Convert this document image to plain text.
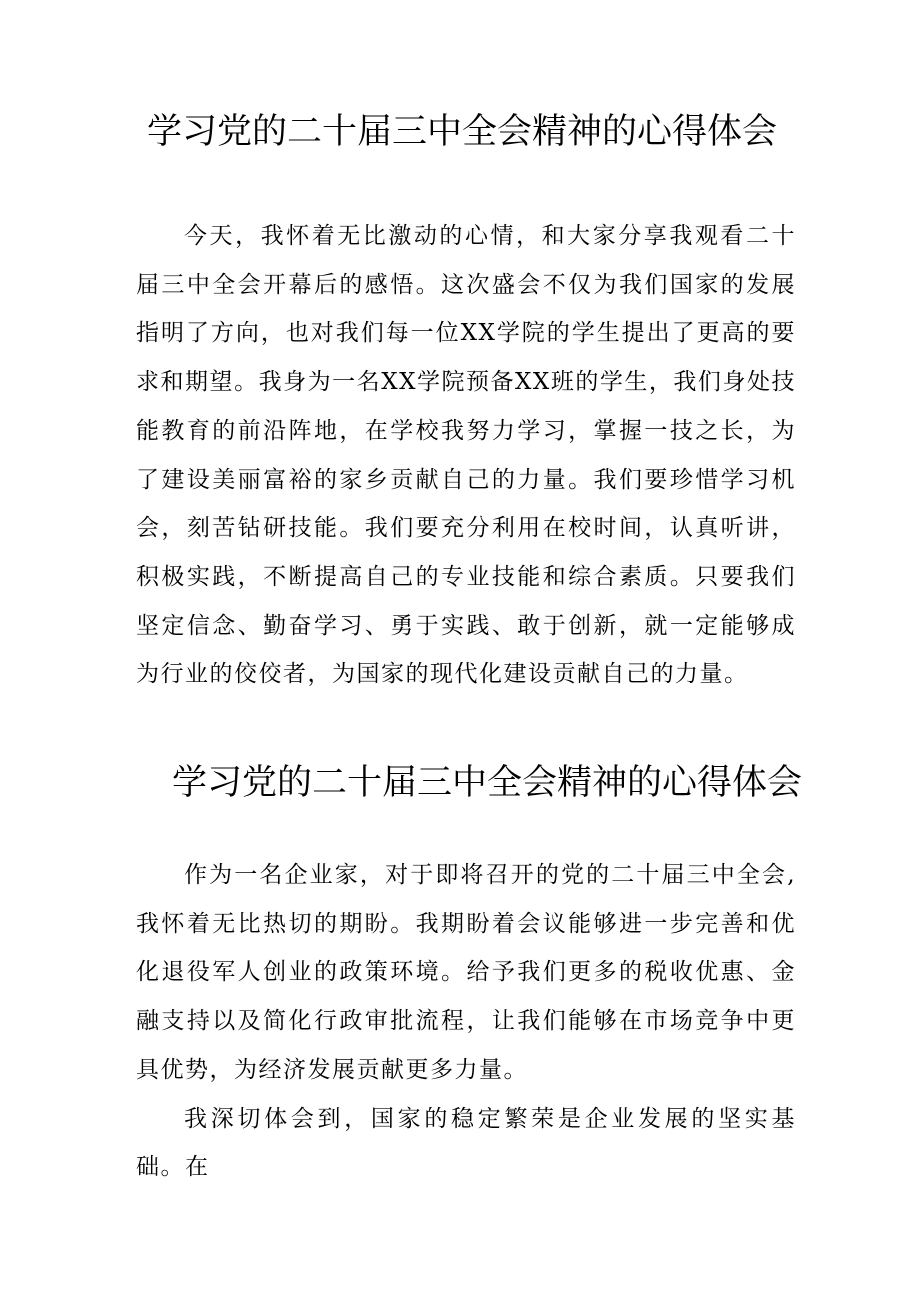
学习党的二十届三中全会精神的心得体会

今天，我怀着无比激动的心情，和大家分享我观看二十届三中全会开幕后的感悟。这次盛会不仅为我们国家的发展指明了方向，也对我们每一位XX学院的学生提出了更高的要求和期望。我身为一名XX学院预备XX班的学生，我们身处技能教育的前沿阵地，在学校我努力学习，掌握一技之长，为了建设美丽富裕的家乡贡献自己的力量。我们要珍惜学习机会，刻苦钻研技能。我们要充分利用在校时间，认真听讲，积极实践，不断提高自己的专业技能和综合素质。只要我们坚定信念、勤奋学习、勇于实践、敢于创新，就一定能够成为行业的佼佼者，为国家的现代化建设贡献自己的力量。

学习党的二十届三中全会精神的心得体会

作为一名企业家，对于即将召开的党的二十届三中全会,我怀着无比热切的期盼。我期盼着会议能够进一步完善和优化退役军人创业的政策环境。给予我们更多的税收优惠、金融支持以及简化行政审批流程，让我们能够在市场竞争中更具优势，为经济发展贡献更多力量。

我深切体会到，国家的稳定繁荣是企业发展的坚实基础。在
